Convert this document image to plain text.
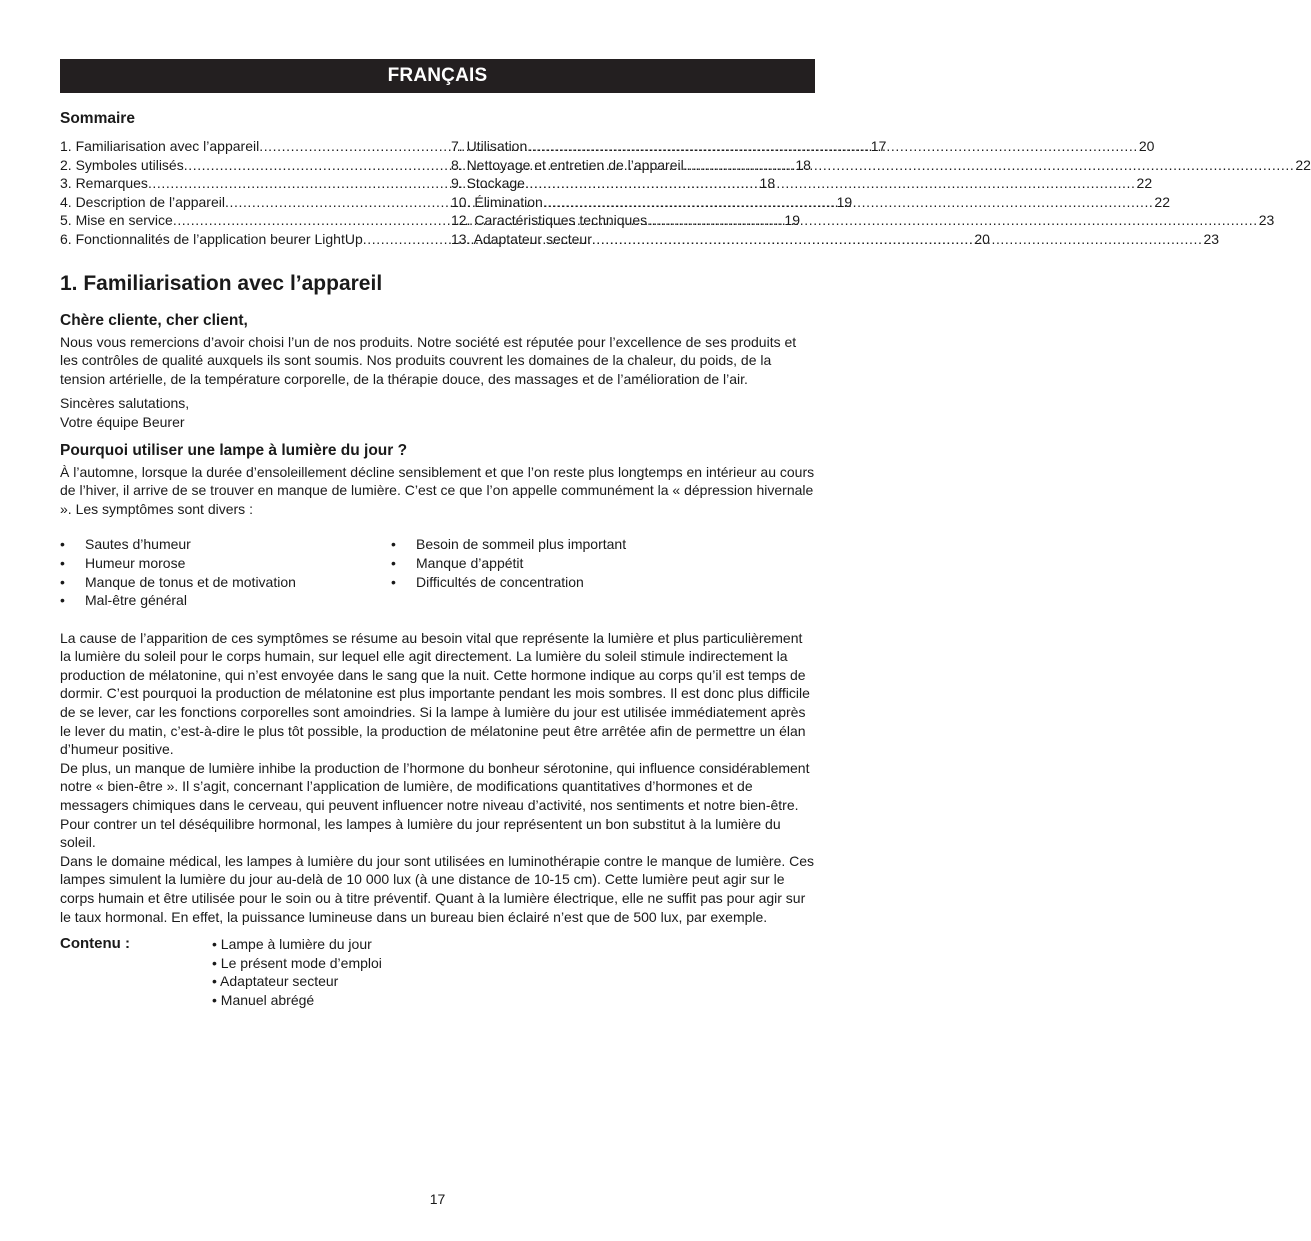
FRANÇAIS
Sommaire
1. Familiarisation avec l’appareil .....	17
2. Symboles utilisés .....	18
3. Remarques .....	18
4. Description de l’appareil .....	19
5. Mise en service .....	19
6. Fonctionnalités de l’application beurer LightUp .....	20
7. Utilisation .....	20
8. Nettoyage et entretien de l’appareil .....	22
9. Stockage .....	22
10. Élimination .....	22
12. Caractéristiques techniques .....	23
13. Adaptateur secteur .....	23
1. Familiarisation avec l’appareil
Chère cliente, cher client,

Nous vous remercions d’avoir choisi l’un de nos produits. Notre société est réputée pour l’excellence de ses produits et les contrôles de qualité auxquels ils sont soumis. Nos produits couvrent les domaines de la chaleur, du poids, de la tension artérielle, de la température corporelle, de la thérapie douce, des massages et de l’amélioration de l’air.

Sincères salutations,

Votre équipe Beurer

Pourquoi utiliser une lampe à lumière du jour ?

À l’automne, lorsque la durée d’ensoleillement décline sensiblement et que l’on reste plus longtemps en intérieur au cours de l’hiver, il arrive de se trouver en manque de lumière. C’est ce que l’on appelle communément la « dépression hivernale ». Les symptômes sont divers :

• Sautes d’humeur
• Humeur morose
• Manque de tonus et de motivation
• Mal-être général
• Besoin de sommeil plus important
• Manque d’appétit
• Difficultés de concentration

La cause de l’apparition de ces symptômes se résume au besoin vital que représente la lumière et plus particulièrement la lumière du soleil pour le corps humain, sur lequel elle agit directement. La lumière du soleil stimule indirectement la production de mélatonine, qui n’est envoyée dans le sang que la nuit. Cette hormone indique au corps qu’il est temps de dormir. C’est pourquoi la production de mélatonine est plus importante pendant les mois sombres. Il est donc plus difficile de se lever, car les fonctions corporelles sont amoindries. Si la lampe à lumière du jour est utilisée immédiatement après le lever du matin, c’est-à-dire le plus tôt possible, la production de mélatonine peut être arrêtée afin de permettre un élan d’humeur positive.

De plus, un manque de lumière inhibe la production de l’hormone du bonheur sérotonine, qui influence considérablement notre « bien-être ». Il s’agit, concernant l’application de lumière, de modifications quantitatives d’hormones et de messagers chimiques dans le cerveau, qui peuvent influencer notre niveau d’activité, nos sentiments et notre bien-être. Pour contrer un tel déséquilibre hormonal, les lampes à lumière du jour représentent un bon substitut à la lumière du soleil.

Dans le domaine médical, les lampes à lumière du jour sont utilisées en luminothérapie contre le manque de lumière. Ces lampes simulent la lumière du jour au-delà de 10 000 lux (à une distance de 10-15 cm). Cette lumière peut agir sur le corps humain et être utilisée pour le soin ou à titre préventif. Quant à la lumière électrique, elle ne suffit pas pour agir sur le taux hormonal. En effet, la puissance lumineuse dans un bureau bien éclairé n’est que de 500 lux, par exemple.

Contenu :	• Lampe à lumière du jour
• Le présent mode d’emploi
• Adaptateur secteur
• Manuel abrégé
17
